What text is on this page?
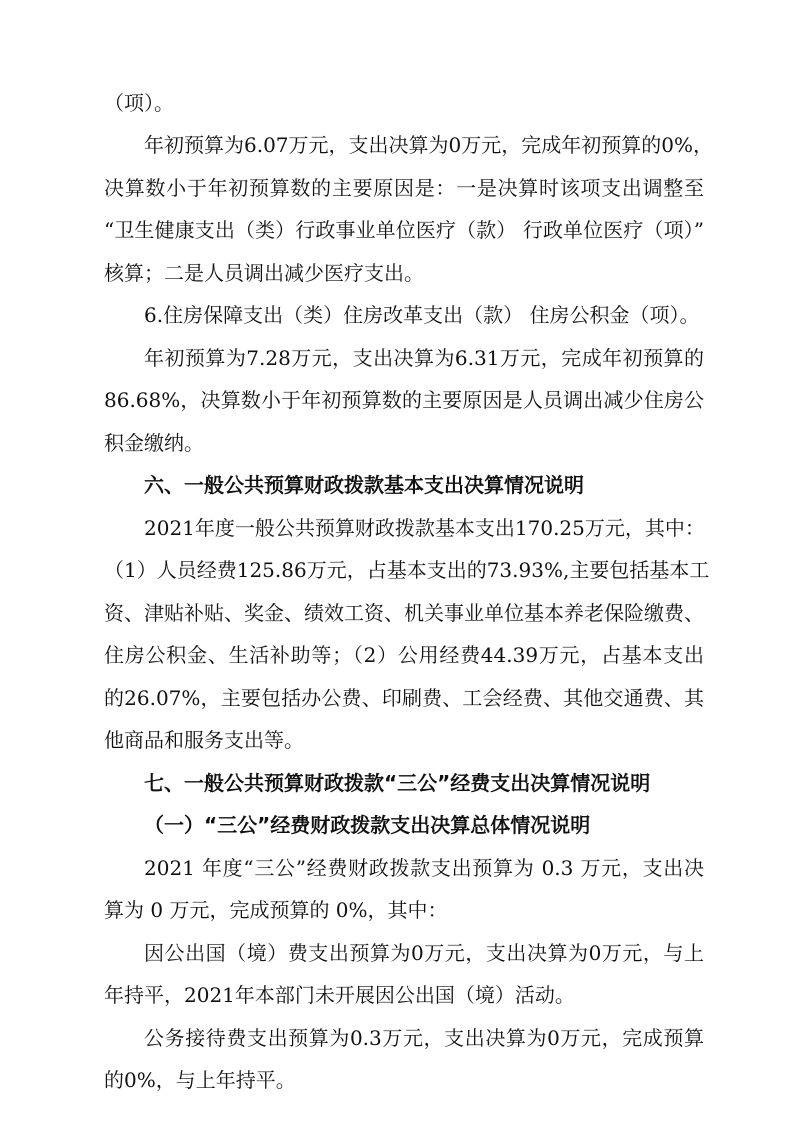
（项）。
年初预算为6.07万元，支出决算为0万元，完成年初预算的0%，
决算数小于年初预算数的主要原因是：一是决算时该项支出调整至
“卫生健康支出（类）行政事业单位医疗（款） 行政单位医疗（项）”
核算；二是人员调出减少医疗支出。
6.住房保障支出（类）住房改革支出（款） 住房公积金（项）。
年初预算为7.28万元，支出决算为6.31万元，完成年初预算的
86.68%，决算数小于年初预算数的主要原因是人员调出减少住房公
积金缴纳。
六、一般公共预算财政拨款基本支出决算情况说明
2021年度一般公共预算财政拨款基本支出170.25万元，其中：
（1）人员经费125.86万元，占基本支出的73.93%,主要包括基本工
资、津贴补贴、奖金、绩效工资、机关事业单位基本养老保险缴费、
住房公积金、生活补助等；（2）公用经费44.39万元，占基本支出
的26.07%，主要包括办公费、印刷费、工会经费、其他交通费、其
他商品和服务支出等。
七、一般公共预算财政拨款“三公”经费支出决算情况说明
（一）“三公”经费财政拨款支出决算总体情况说明
2021 年度“三公”经费财政拨款支出预算为 0.3 万元，支出决
算为 0 万元，完成预算的 0%，其中：
因公出国（境）费支出预算为0万元，支出决算为0万元，与上
年持平，2021年本部门未开展因公出国（境）活动。
公务接待费支出预算为0.3万元，支出决算为0万元，完成预算
的0%，与上年持平。
